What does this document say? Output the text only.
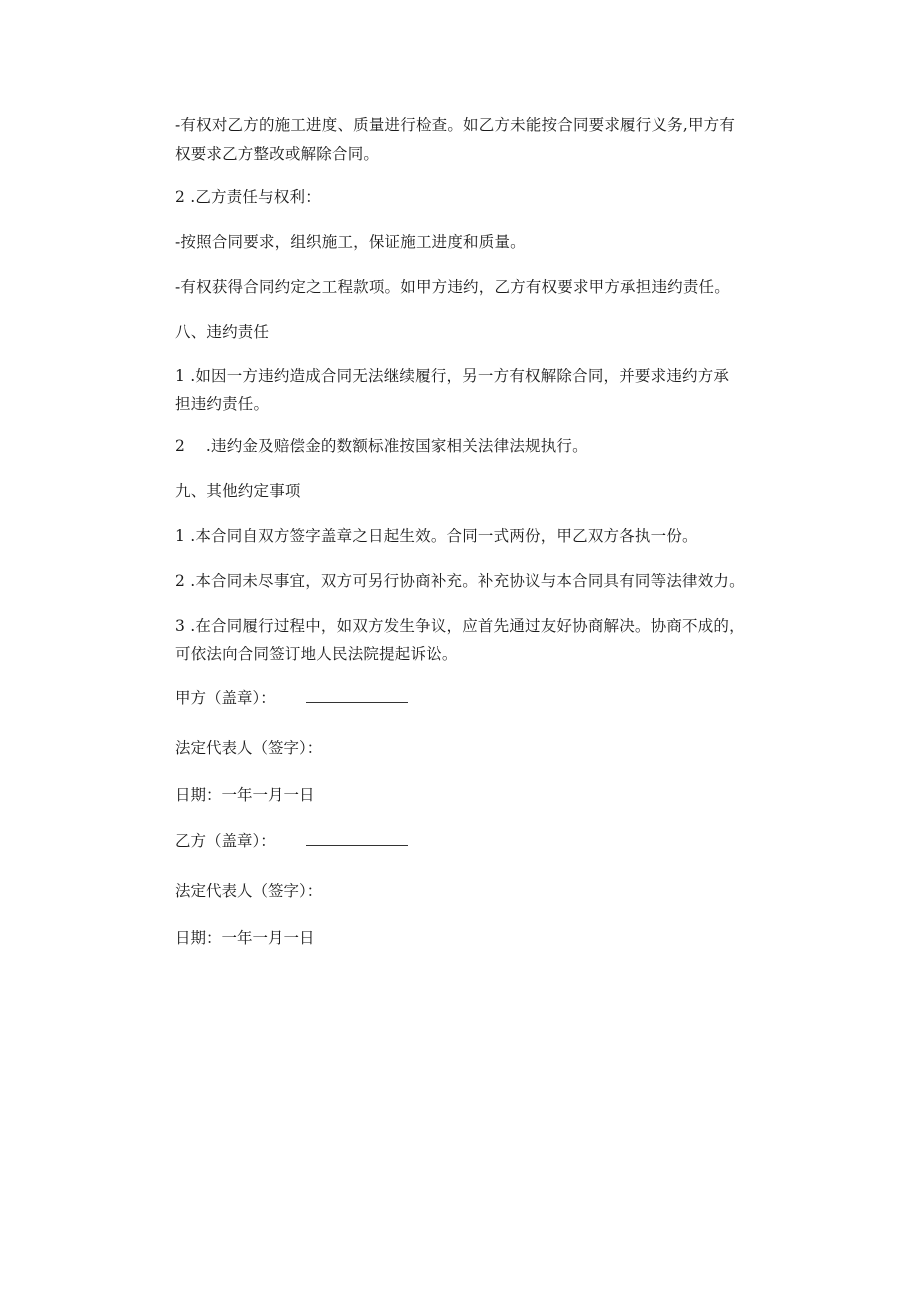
-有权对乙方的施工进度、质量进行检查。如乙方未能按合同要求履行义务,甲方有
权要求乙方整改或解除合同。
2 .乙方责任与权利：
-按照合同要求，组织施工，保证施工进度和质量。
-有权获得合同约定之工程款项。如甲方违约，乙方有权要求甲方承担违约责任。
八、违约责任
1 .如因一方违约造成合同无法继续履行，另一方有权解除合同，并要求违约方承
担违约责任。
2 　.违约金及赔偿金的数额标准按国家相关法律法规执行。
九、其他约定事项
1 .本合同自双方签字盖章之日起生效。合同一式两份，甲乙双方各执一份。
2 .本合同未尽事宜，双方可另行协商补充。补充协议与本合同具有同等法律效力。
3 .在合同履行过程中，如双方发生争议，应首先通过友好协商解决。协商不成的，
可依法向合同签订地人民法院提起诉讼。
甲方（盖章）：
法定代表人（签字）：
日期：一年一月一日
乙方（盖章）：
法定代表人（签字）：
日期：一年一月一日
